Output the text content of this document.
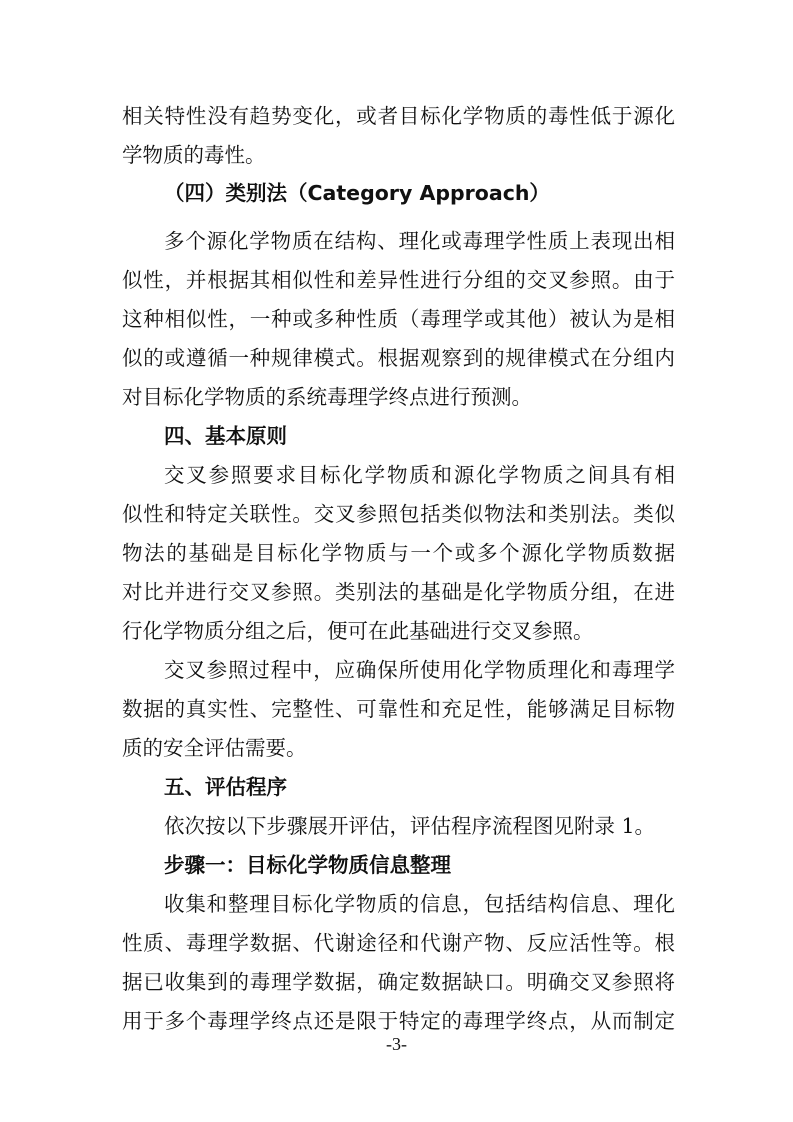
相关特性没有趋势变化，或者目标化学物质的毒性低于源化
学物质的毒性。
（四）类别法（Category Approach）
多个源化学物质在结构、理化或毒理学性质上表现出相
似性，并根据其相似性和差异性进行分组的交叉参照。由于
这种相似性，一种或多种性质（毒理学或其他）被认为是相
似的或遵循一种规律模式。根据观察到的规律模式在分组内
对目标化学物质的系统毒理学终点进行预测。
四、基本原则
交叉参照要求目标化学物质和源化学物质之间具有相
似性和特定关联性。交叉参照包括类似物法和类别法。类似
物法的基础是目标化学物质与一个或多个源化学物质数据
对比并进行交叉参照。类别法的基础是化学物质分组，在进
行化学物质分组之后，便可在此基础进行交叉参照。
交叉参照过程中，应确保所使用化学物质理化和毒理学
数据的真实性、完整性、可靠性和充足性，能够满足目标物
质的安全评估需要。
五、评估程序
依次按以下步骤展开评估，评估程序流程图见附录 1。
步骤一：目标化学物质信息整理
收集和整理目标化学物质的信息，包括结构信息、理化
性质、毒理学数据、代谢途径和代谢产物、反应活性等。根
据已收集到的毒理学数据，确定数据缺口。明确交叉参照将
用于多个毒理学终点还是限于特定的毒理学终点，从而制定
-3-
